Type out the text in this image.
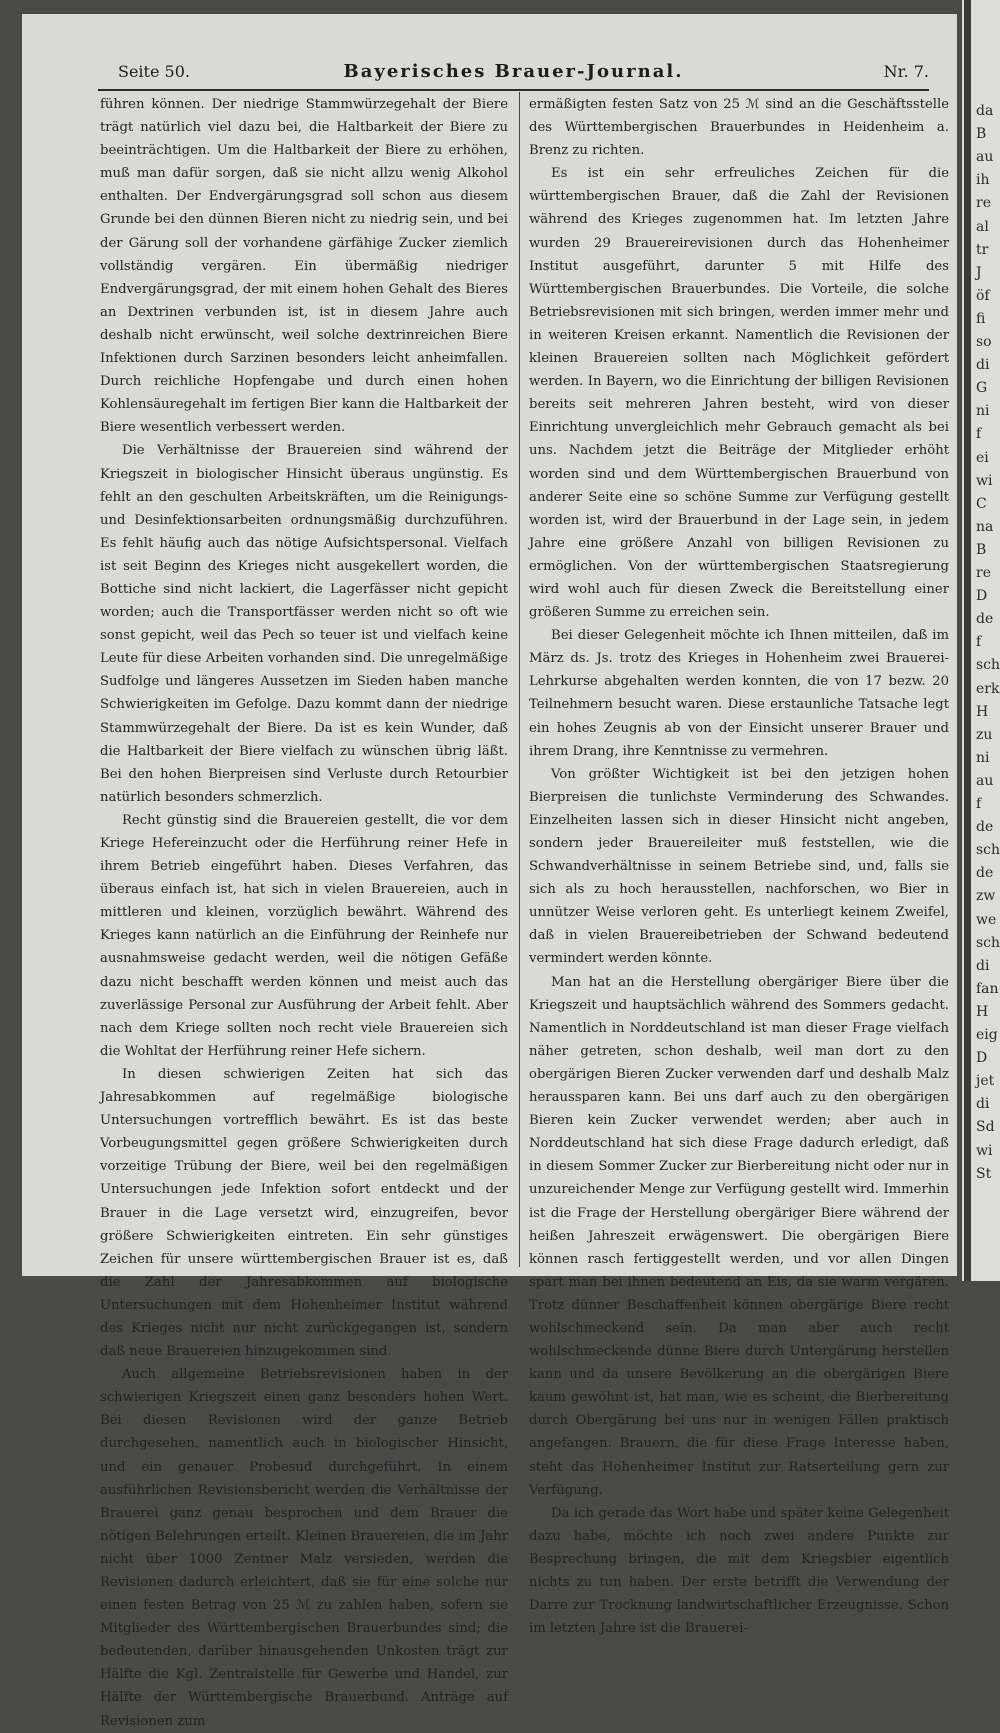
Seite 50.	Bayerisches Brauer-Journal.	Nr. 7.

führen können. Der niedrige Stammwürzegehalt der Biere trägt natürlich viel dazu bei, die Haltbarkeit der Biere zu beeinträchtigen. Um die Haltbarkeit der Biere zu erhöhen, muß man dafür sorgen, daß sie nicht allzu wenig Alkohol enthalten. Der Endvergärungsgrad soll schon aus diesem Grunde bei den dünnen Bieren nicht zu niedrig sein, und bei der Gärung soll der vorhandene gärfähige Zucker ziemlich vollständig vergären. Ein übermäßig niedriger Endvergärungsgrad, der mit einem hohen Gehalt des Bieres an Dextrinen verbunden ist, ist in diesem Jahre auch deshalb nicht erwünscht, weil solche dextrinreichen Biere Infektionen durch Sarzinen besonders leicht anheimfallen. Durch reichliche Hopfengabe und durch einen hohen Kohlensäuregehalt im fertigen Bier kann die Haltbarkeit der Biere wesentlich verbessert werden.

Die Verhältnisse der Brauereien sind während der Kriegszeit in biologischer Hinsicht überaus ungünstig. Es fehlt an den geschulten Arbeitskräften, um die Reinigungs- und Desinfektionsarbeiten ordnungsmäßig durchzuführen. Es fehlt häufig auch das nötige Aufsichtspersonal. Vielfach ist seit Beginn des Krieges nicht ausgekellert worden, die Bottiche sind nicht lackiert, die Lagerfässer nicht gepicht worden; auch die Transportfässer werden nicht so oft wie sonst gepicht, weil das Pech so teuer ist und vielfach keine Leute für diese Arbeiten vorhanden sind. Die unregelmäßige Sudfolge und längeres Aussetzen im Sieden haben manche Schwierigkeiten im Gefolge. Dazu kommt dann der niedrige Stammwürzegehalt der Biere. Da ist es kein Wunder, daß die Haltbarkeit der Biere vielfach zu wünschen übrig läßt. Bei den hohen Bierpreisen sind Verluste durch Retourbier natürlich besonders schmerzlich.

Recht günstig sind die Brauereien gestellt, die vor dem Kriege Hefereinzucht oder die Herführung reiner Hefe in ihrem Betrieb eingeführt haben. Dieses Verfahren, das überaus einfach ist, hat sich in vielen Brauereien, auch in mittleren und kleinen, vorzüglich bewährt. Während des Krieges kann natürlich an die Einführung der Reinhefe nur ausnahmsweise gedacht werden, weil die nötigen Gefäße dazu nicht beschafft werden können und meist auch das zuverlässige Personal zur Ausführung der Arbeit fehlt. Aber nach dem Kriege sollten noch recht viele Brauereien sich die Wohltat der Herführung reiner Hefe sichern.

In diesen schwierigen Zeiten hat sich das Jahresabkommen auf regelmäßige biologische Untersuchungen vortrefflich bewährt. Es ist das beste Vorbeugungsmittel gegen größere Schwierigkeiten durch vorzeitige Trübung der Biere, weil bei den regelmäßigen Untersuchungen jede Infektion sofort entdeckt und der Brauer in die Lage versetzt wird, einzugreifen, bevor größere Schwierigkeiten eintreten. Ein sehr günstiges Zeichen für unsere württembergischen Brauer ist es, daß die Zahl der Jahresabkommen auf biologische Untersuchungen mit dem Hohenheimer Institut während des Krieges nicht nur nicht zurückgegangen ist, sondern daß neue Brauereien hinzugekommen sind.

Auch allgemeine Betriebsrevisionen haben in der schwierigen Kriegszeit einen ganz besonders hohen Wert. Bei diesen Revisionen wird der ganze Betrieb durchgesehen, namentlich auch in biologischer Hinsicht, und ein genauer Probesud durchgeführt. In einem ausführlichen Revisionsbericht werden die Verhältnisse der Brauerei ganz genau besprochen und dem Brauer die nötigen Belehrungen erteilt. Kleinen Brauereien, die im Jahr nicht über 1000 Zentner Malz versieden, werden die Revisionen dadurch erleichtert, daß sie für eine solche nur einen festen Betrag von 25 ℳ zu zahlen haben, sofern sie Mitglieder des Württembergischen Brauerbundes sind; die bedeutenden, darüber hinausgehenden Unkosten trägt zur Hälfte die Kgl. Zentralstelle für Gewerbe und Handel, zur Hälfte der Württembergische Brauerbund. Anträge auf Revisionen zum

ermäßigten festen Satz von 25 ℳ sind an die Geschäftsstelle des Württembergischen Brauerbundes in Heidenheim a. Brenz zu richten.

Es ist ein sehr erfreuliches Zeichen für die württembergischen Brauer, daß die Zahl der Revisionen während des Krieges zugenommen hat. Im letzten Jahre wurden 29 Brauereirevisionen durch das Hohenheimer Institut ausgeführt, darunter 5 mit Hilfe des Württembergischen Brauerbundes. Die Vorteile, die solche Betriebsrevisionen mit sich bringen, werden immer mehr und in weiteren Kreisen erkannt. Namentlich die Revisionen der kleinen Brauereien sollten nach Möglichkeit gefördert werden. In Bayern, wo die Einrichtung der billigen Revisionen bereits seit mehreren Jahren besteht, wird von dieser Einrichtung unvergleichlich mehr Gebrauch gemacht als bei uns. Nachdem jetzt die Beiträge der Mitglieder erhöht worden sind und dem Württembergischen Brauerbund von anderer Seite eine so schöne Summe zur Verfügung gestellt worden ist, wird der Brauerbund in der Lage sein, in jedem Jahre eine größere Anzahl von billigen Revisionen zu ermöglichen. Von der württembergischen Staatsregierung wird wohl auch für diesen Zweck die Bereitstellung einer größeren Summe zu erreichen sein.

Bei dieser Gelegenheit möchte ich Ihnen mitteilen, daß im März ds. Js. trotz des Krieges in Hohenheim zwei Brauerei-Lehrkurse abgehalten werden konnten, die von 17 bezw. 20 Teilnehmern besucht waren. Diese erstaunliche Tatsache legt ein hohes Zeugnis ab von der Einsicht unserer Brauer und ihrem Drang, ihre Kenntnisse zu vermehren.

Von größter Wichtigkeit ist bei den jetzigen hohen Bierpreisen die tunlichste Verminderung des Schwandes. Einzelheiten lassen sich in dieser Hinsicht nicht angeben, sondern jeder Brauereileiter muß feststellen, wie die Schwandverhältnisse in seinem Betriebe sind, und, falls sie sich als zu hoch herausstellen, nachforschen, wo Bier in unnützer Weise verloren geht. Es unterliegt keinem Zweifel, daß in vielen Brauereibetrieben der Schwand bedeutend vermindert werden könnte.

Man hat an die Herstellung obergäriger Biere über die Kriegszeit und hauptsächlich während des Sommers gedacht. Namentlich in Norddeutschland ist man dieser Frage vielfach näher getreten, schon deshalb, weil man dort zu den obergärigen Bieren Zucker verwenden darf und deshalb Malz heraussparen kann. Bei uns darf auch zu den obergärigen Bieren kein Zucker verwendet werden; aber auch in Norddeutschland hat sich diese Frage dadurch erledigt, daß in diesem Sommer Zucker zur Bierbereitung nicht oder nur in unzureichender Menge zur Verfügung gestellt wird. Immerhin ist die Frage der Herstellung obergäriger Biere während der heißen Jahreszeit erwägenswert. Die obergärigen Biere können rasch fertiggestellt werden, und vor allen Dingen spart man bei ihnen bedeutend an Eis, da sie warm vergären. Trotz dünner Beschaffenheit können obergärige Biere recht wohlschmeckend sein. Da man aber auch recht wohlschmeckende dünne Biere durch Untergärung herstellen kann und da unsere Bevölkerung an die obergärigen Biere kaum gewöhnt ist, hat man, wie es scheint, die Bierbereitung durch Obergärung bei uns nur in wenigen Fällen praktisch angefangen. Brauern, die für diese Frage Interesse haben, steht das Hohenheimer Institut zur Ratserteilung gern zur Verfügung.

Da ich gerade das Wort habe und später keine Gelegenheit dazu habe, möchte ich noch zwei andere Punkte zur Besprechung bringen, die mit dem Kriegsbier eigentlich nichts zu tun haben. Der erste betrifft die Verwendung der Darre zur Trocknung landwirtschaftlicher Erzeugnisse. Schon im letzten Jahre ist die Brauerei-

da
B
au
ih
re
al
tr
J
öf
fi
so
di
G
ni
f
ei
wi
C
na
B
re
D
de
f
sch
erk
H
zu
ni
au
f
de
sch
de
zw
we
sch
di
fan
H
eig
D
jet
di
Sd
wi
St
